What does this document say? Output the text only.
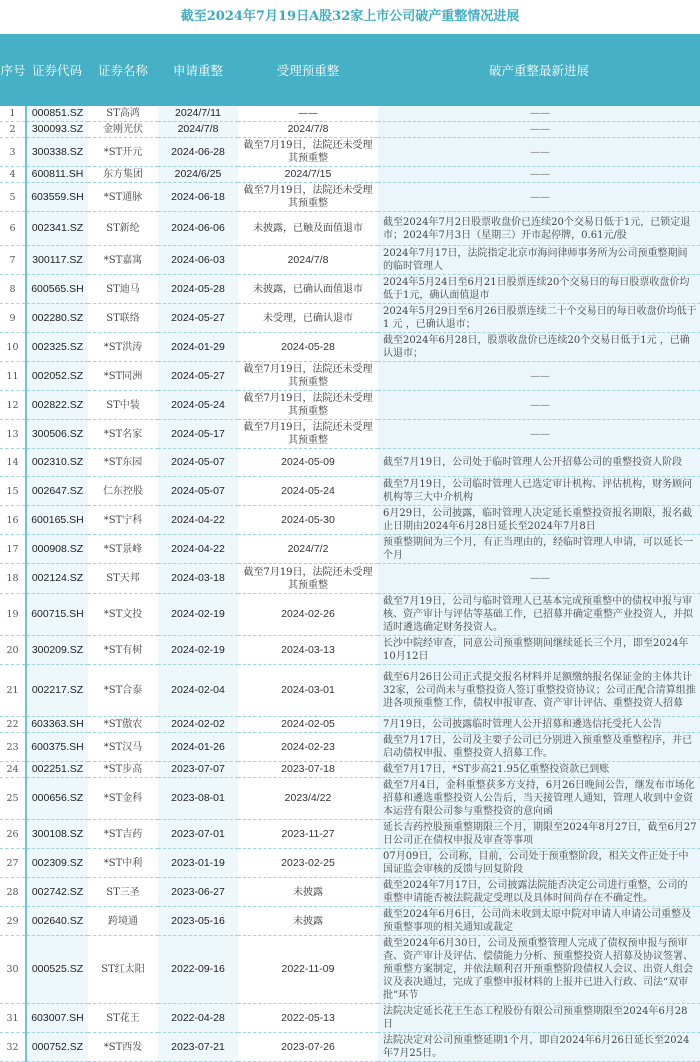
截至2024年7月19日A股32家上市公司破产重整情况进展
序号	证券代码	证券名称	申请重整	受理预重整	破产重整最新进展
1	000851.SZ	ST高鸿	2024/7/11	——	——
2	300093.SZ	金刚光伏	2024/7/8	2024/7/8	——
3	300338.SZ	*ST开元	2024-06-28	截至7月19日，法院还未受理其预重整	——
4	600811.SH	东方集团	2024/6/25	2024/7/15	——
5	603559.SH	*ST通脉	2024-06-18	截至7月19日，法院还未受理其预重整	——
6	002341.SZ	ST新纶	2024-06-06	未披露，已触及面值退市	截至2024年7月2日股票收盘价已连续20个交易日低于1元，已锁定退市；2024年7月3日（星期三）开市起停牌，0.61元/股
7	300117.SZ	*ST嘉寓	2024-06-03	2024/7/8	2024年7月17日，法院指定北京市海问律师事务所为公司预重整期间的临时管理人
8	600565.SH	ST迪马	2024-05-28	未披露，已确认面值退市	2024年5月24日至6月21日股票连续20个交易日的每日股票收盘价均低于1元，确认面值退市
9	002280.SZ	ST联络	2024-05-27	未受理，已确认退市	2024年5月29日至6月26日股票连续二十个交易日的每日收盘价均低于1 元 ，已确认退市；
10	002325.SZ	*ST洪涛	2024-01-29	2024-05-28	截至2024年6月28日，股票收盘价已连续20个交易日低于1元 ，已确认退市；
11	002052.SZ	*ST同洲	2024-05-27	截至7月19日，法院还未受理其预重整	——
12	002822.SZ	ST中装	2024-05-24	截至7月19日，法院还未受理其预重整	——
13	300506.SZ	*ST名家	2024-05-17	截至7月19日，法院还未受理其预重整	——
14	002310.SZ	*ST东园	2024-05-07	2024-05-09	截至7月19日，公司处于临时管理人公开招募公司的重整投资人阶段
15	002647.SZ	仁东控股	2024-05-07	2024-05-24	截至7月19日，公司临时管理人已选定审计机构、评估机构，财务顾问机构等三大中介机构
16	600165.SH	*ST宁科	2024-04-22	2024-05-30	6月29日，公司披露，临时管理人决定延长重整投资报名期限，报名截止日期由2024年6月28日延长至2024年7月8日
17	000908.SZ	*ST景峰	2024-04-22	2024/7/2	预重整期间为三个月，有正当理由的，经临时管理人申请，可以延长一个月
18	002124.SZ	ST天邦	2024-03-18	截至7月19日，法院还未受理其预重整	——
19	600715.SH	*ST文投	2024-02-19	2024-02-26	截至7月19日，公司与临时管理人已基本完成预重整中的债权申报与审核、资产审计与评估等基础工作，已招募并确定重整产业投资人，并拟适时遴选确定财务投资人。
20	300209.SZ	*ST有树	2024-02-19	2024-03-13	长沙中院经审查，同意公司预重整期间继续延长三个月，即至2024年10月12日
21	002217.SZ	*ST合泰	2024-02-04	2024-03-01	截至6月26日公司正式提交报名材料并足额缴纳报名保证金的主体共计32家，公司尚未与重整投资人签订重整投资协议；公司正配合清算组推进各项预重整工作，债权申报审查、资产审计评估、重整投资人招募
22	603363.SH	*ST傲农	2024-02-02	2024-02-05	7月19日，公司披露临时管理人公开招募和遴选信托受托人公告
23	600375.SH	*ST汉马	2024-01-26	2024-02-23	截至7月17日，公司及主要子公司已分别进入预重整及重整程序，并已启动债权申报、重整投资人招募工作。
24	002251.SZ	*ST步高	2023-07-07	2023-07-18	截至7月17日，*ST步高21.95亿重整投资款已到账
25	000656.SZ	*ST金科	2023-08-01	2023/4/22	截至7月4日，金科重整获多方支持，6月26日晚间公告，继发布市场化招募和遴选重整投资人公告后，当天接管理人通知，管理人收到中金资本运营有限公司参与重整投资的意向函
26	300108.SZ	*ST吉药	2023-07-01	2023-11-27	延长吉药控股预重整期限三个月，期限至2024年8月27日，截至6月27日公司正在债权申报及审查等事项
27	002309.SZ	*ST中利	2023-01-19	2023-02-25	07月09日，公司称，目前，公司处于预重整阶段，相关文件正处于中国证监会审核的反馈与回复阶段
28	002742.SZ	ST三圣	2023-06-27	未披露	截至2024年7月17日，公司披露法院能否决定公司进行重整，公司的重整申请能否被法院裁定受理以及具体时间尚存在不确定性。
29	002640.SZ	跨境通	2023-05-16	未披露	截至2024年6月6日，公司尚未收到太原中院对申请人申请公司重整及预重整事项的相关通知或裁定
30	000525.SZ	ST红太阳	2022-09-16	2022-11-09	截至2024年6月30日，公司及预重整管理人完成了债权预申报与预审查、资产审计及评估、偿债能力分析、预重整投资人招募及协议签署、预重整方案制定，并依法顺利召开预重整阶段债权人会议、出资人组会议及表决通过，完成了重整申报材料的上报并已进入行政、司法“双审批”环节
31	603007.SH	ST花王	2022-04-28	2022-05-13	法院决定延长花王生态工程股份有限公司预重整期限至2024年6月28日
32	000752.SZ	*ST西发	2023-07-21	2023-07-26	法院决定对公司预重整延期1个月，即自2024年6月26日延长至2024年7月25日。
